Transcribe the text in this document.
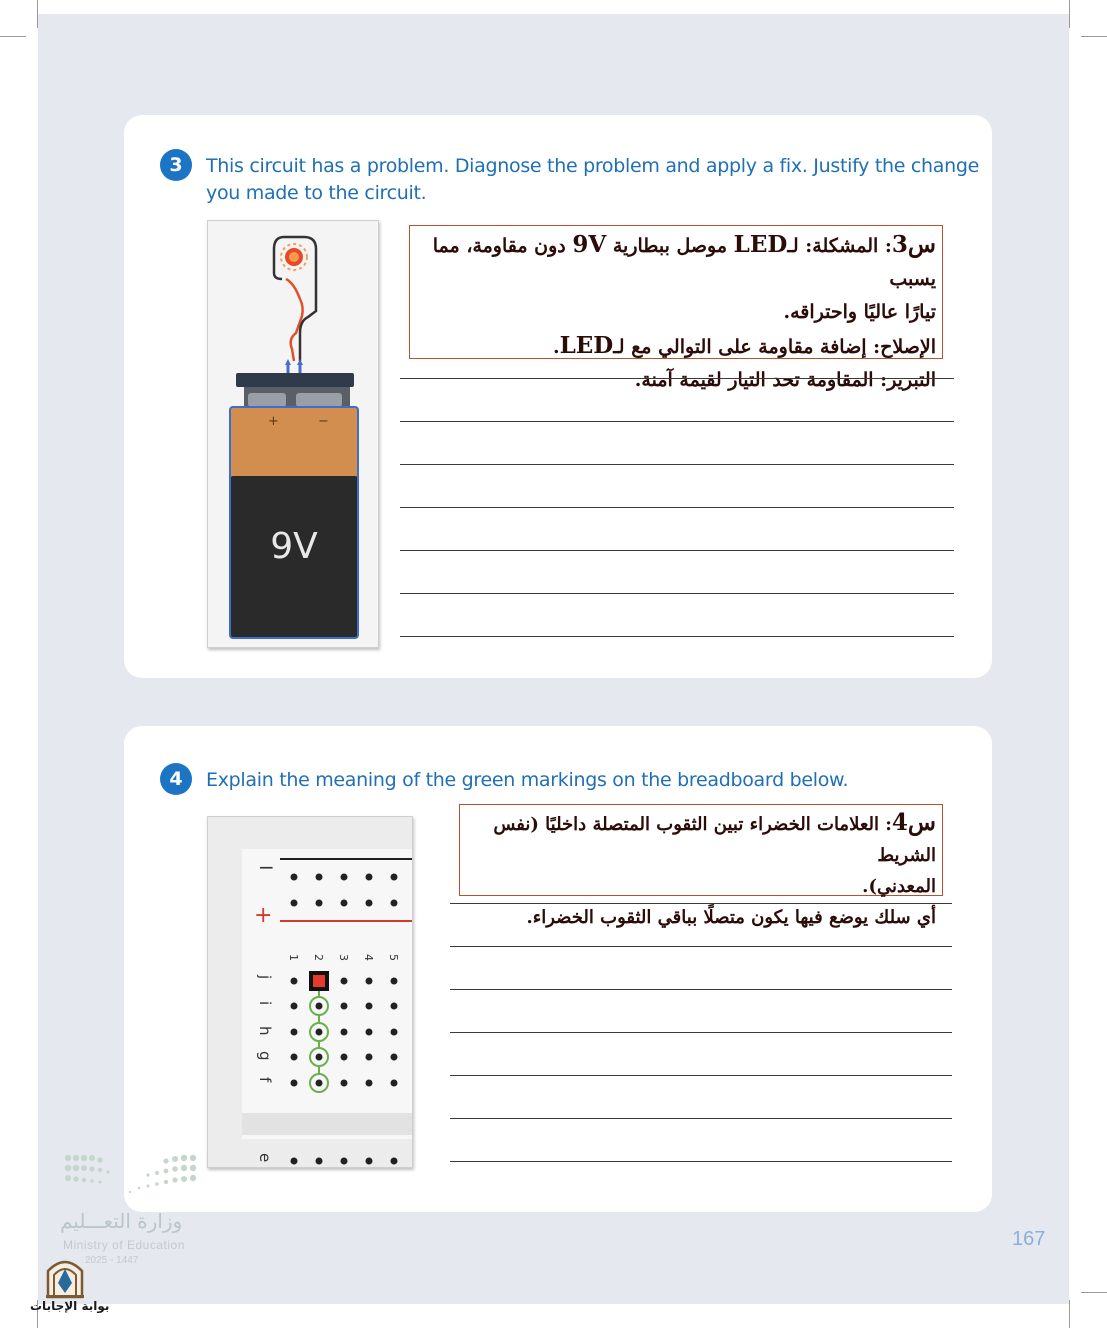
3	This circuit has a problem. Diagnose the problem and apply a fix. Justify the change
you made to the circuit.
+	−
9V
س3: المشكلة: لـLED موصل ببطارية 9V دون مقاومة، مما يسبب
تيارًا عاليًا واحتراقه.
الإصلاح: إضافة مقاومة على التوالي مع لـLED.
التبرير: المقاومة تحد التيار لقيمة آمنة.
4	Explain the meaning of the green markings on the breadboard below.
−
+
1 2 3 4 5
j
i
h
g
f
e
س4: العلامات الخضراء تبين الثقوب المتصلة داخليًا (نفس الشريط
المعدني).
أي سلك يوضع فيها يكون متصلًا بباقي الثقوب الخضراء.
وزارة التعـــليم
Ministry of Education
2025 - 1447
بوابة الإجابات
167
